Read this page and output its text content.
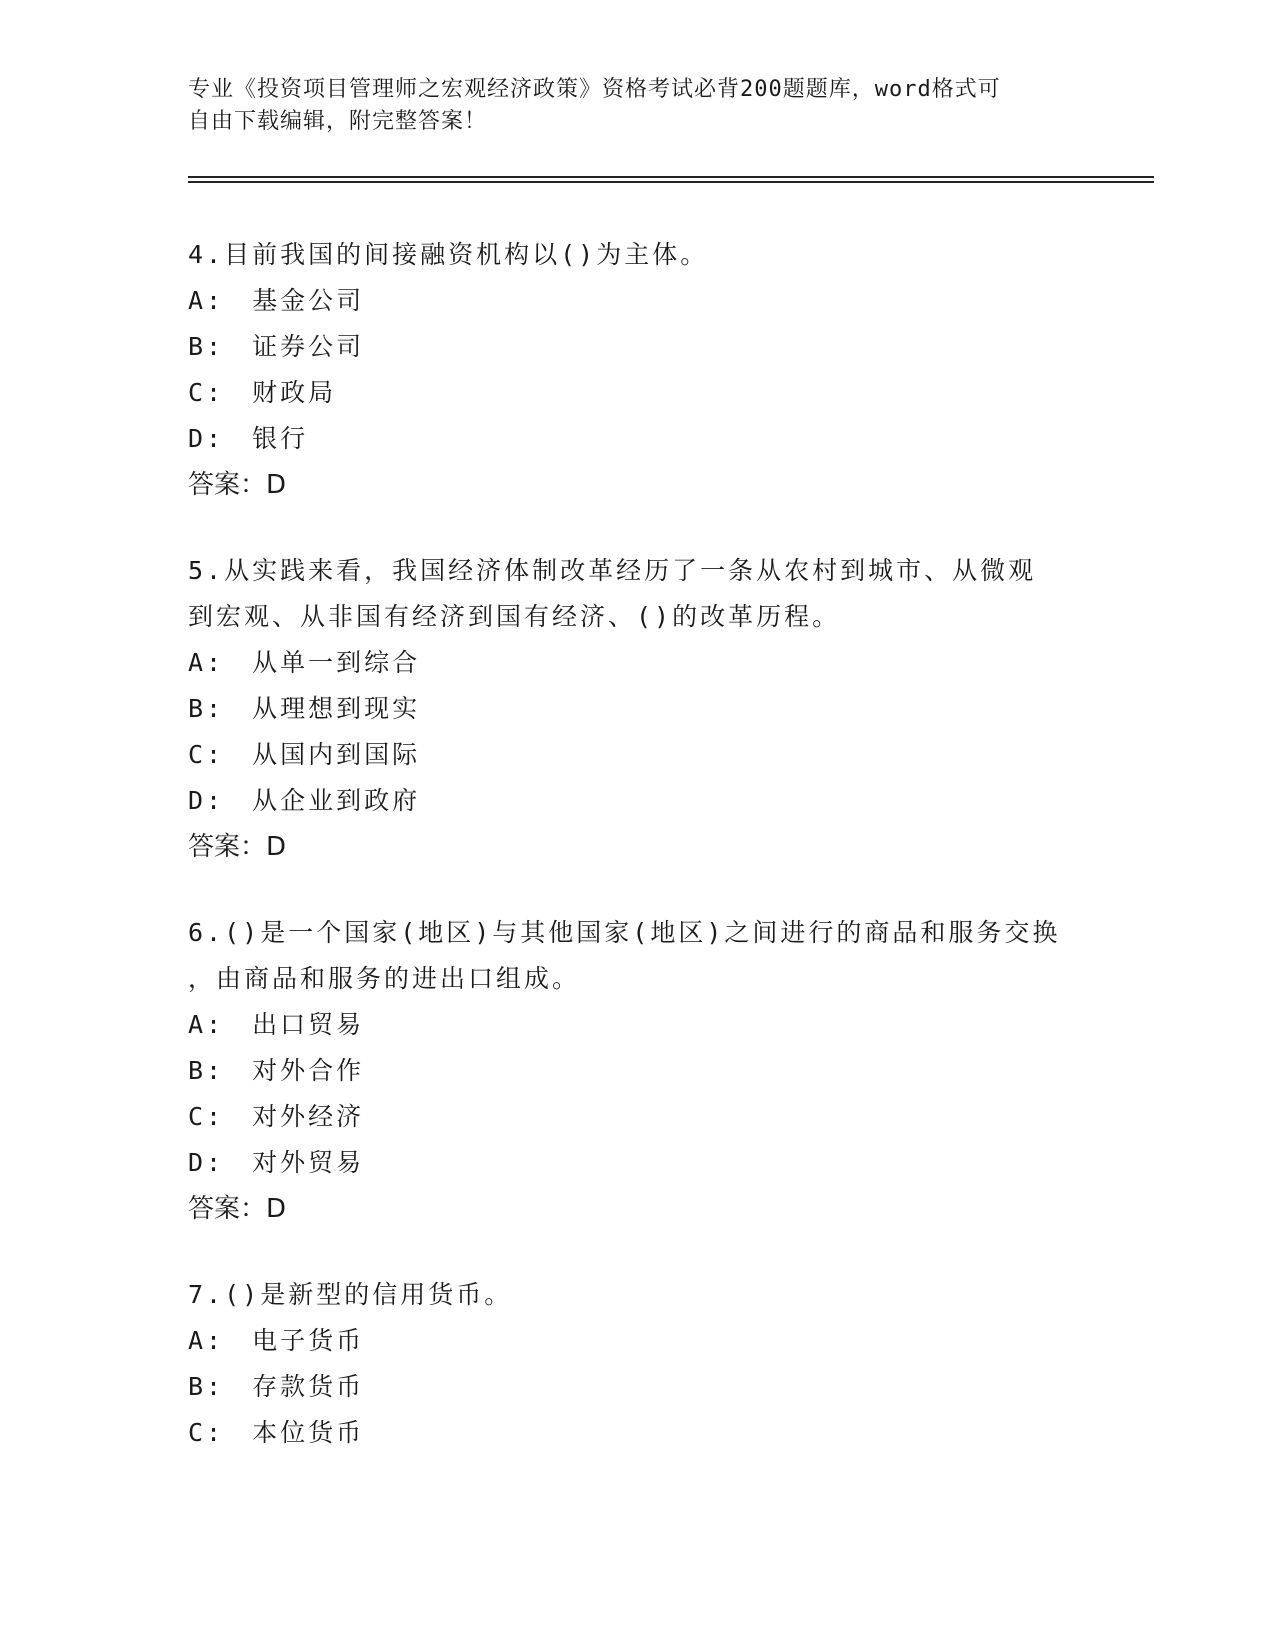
专业《投资项目管理师之宏观经济政策》资格考试必背200题题库，word格式可
自由下载编辑，附完整答案！
4.目前我国的间接融资机构以()为主体。
A: 基金公司
B: 证券公司
C: 财政局
D: 银行
答案：D
5.从实践来看，我国经济体制改革经历了一条从农村到城市、从微观
到宏观、从非国有经济到国有经济、()的改革历程。
A: 从单一到综合
B: 从理想到现实
C: 从国内到国际
D: 从企业到政府
答案：D
6.()是一个国家(地区)与其他国家(地区)之间进行的商品和服务交换
，由商品和服务的进出口组成。
A: 出口贸易
B: 对外合作
C: 对外经济
D: 对外贸易
答案：D
7.()是新型的信用货币。
A: 电子货币
B: 存款货币
C: 本位货币
